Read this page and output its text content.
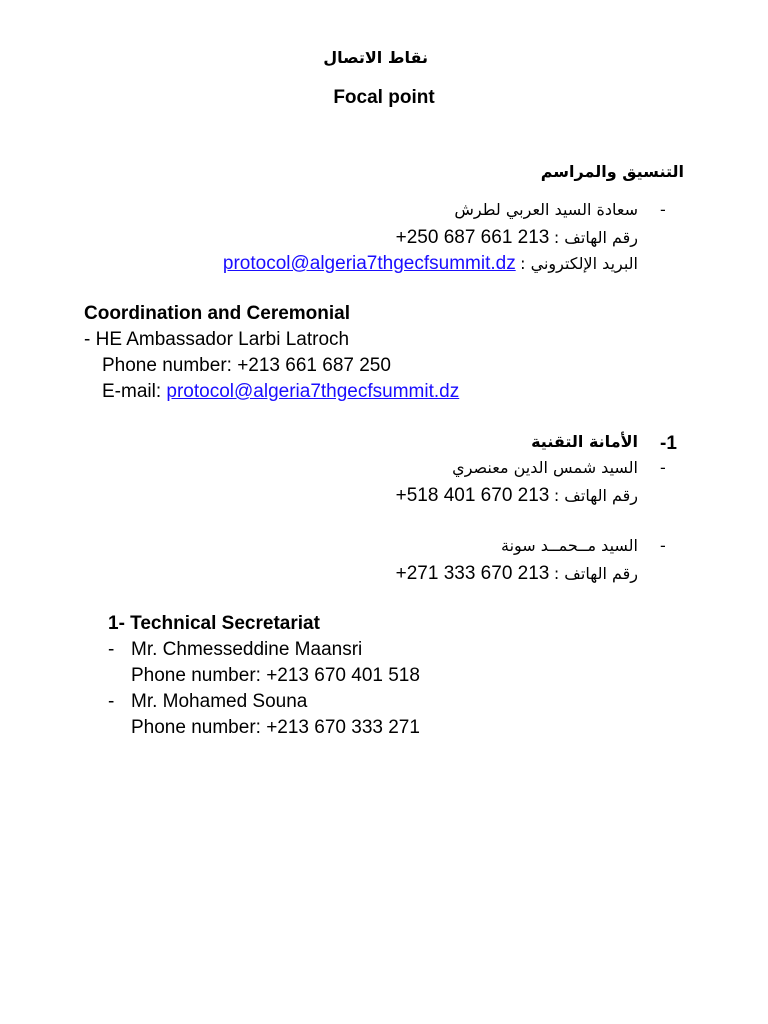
نقاط الاتصال
Focal point
التنسيق والمراسم
-
سعادة السيد العربي لطرش
رقم الهاتف : +250 687 661 213
البريد الإلكتروني : protocol@algeria7thgecfsummit.dz
Coordination and Ceremonial
- HE Ambassador Larbi Latroch
Phone number: +213 661 687 250
E-mail: protocol@algeria7thgecfsummit.dz
-1
الأمانة التقنية
-
السيد شمس الدين معنصري
رقم الهاتف : +518 401 670 213
-
السيد مــحمــد سونة
رقم الهاتف : +271 333 670 213
1- Technical Secretariat
- Mr. Chmesseddine Maansri
Phone number: +213 670 401 518
- Mr. Mohamed Souna
Phone number: +213 670 333 271
